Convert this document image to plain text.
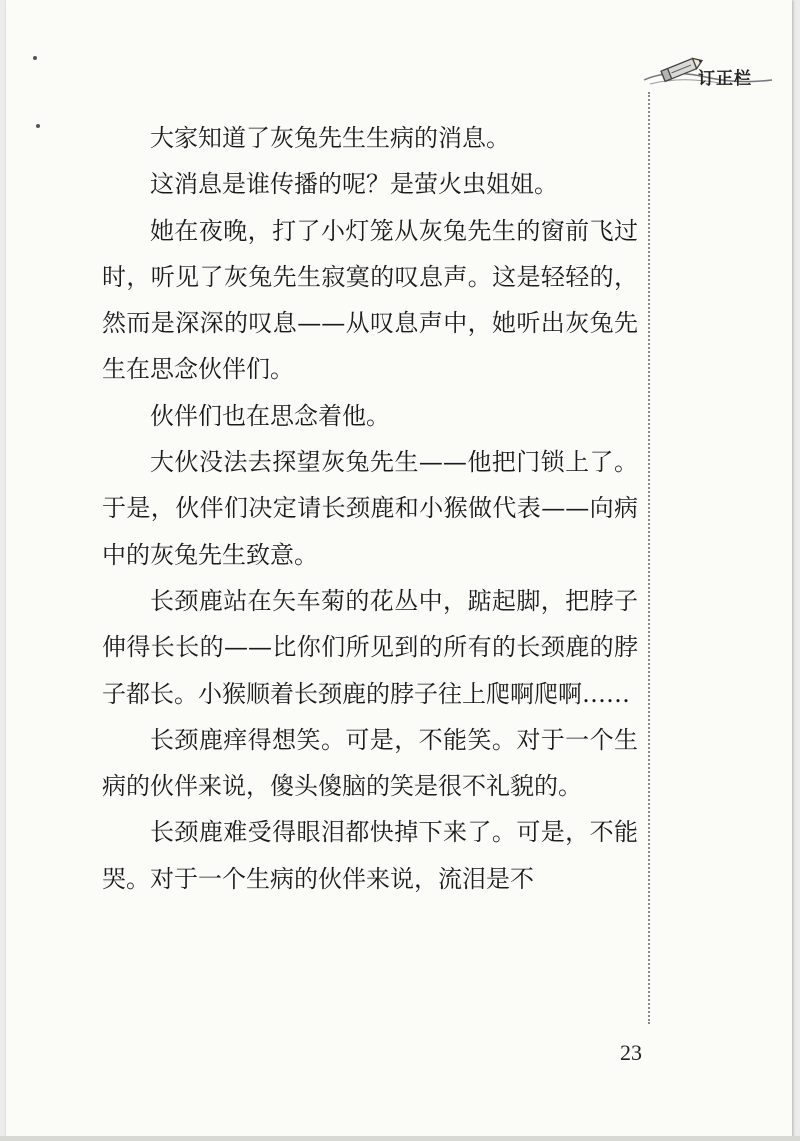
订正栏

大家知道了灰兔先生生病的消息。

这消息是谁传播的呢？是萤火虫姐姐。

她在夜晚，打了小灯笼从灰兔先生的窗前飞过时，听见了灰兔先生寂寞的叹息声。这是轻轻的，然而是深深的叹息——从叹息声中，她听出灰兔先生在思念伙伴们。

伙伴们也在思念着他。

大伙没法去探望灰兔先生——他把门锁上了。于是，伙伴们决定请长颈鹿和小猴做代表——向病中的灰兔先生致意。

长颈鹿站在矢车菊的花丛中，踮起脚，把脖子伸得长长的——比你们所见到的所有的长颈鹿的脖子都长。小猴顺着长颈鹿的脖子往上爬啊爬啊……

长颈鹿痒得想笑。可是，不能笑。对于一个生病的伙伴来说，傻头傻脑的笑是很不礼貌的。

长颈鹿难受得眼泪都快掉下来了。可是，不能哭。对于一个生病的伙伴来说，流泪是不

23
